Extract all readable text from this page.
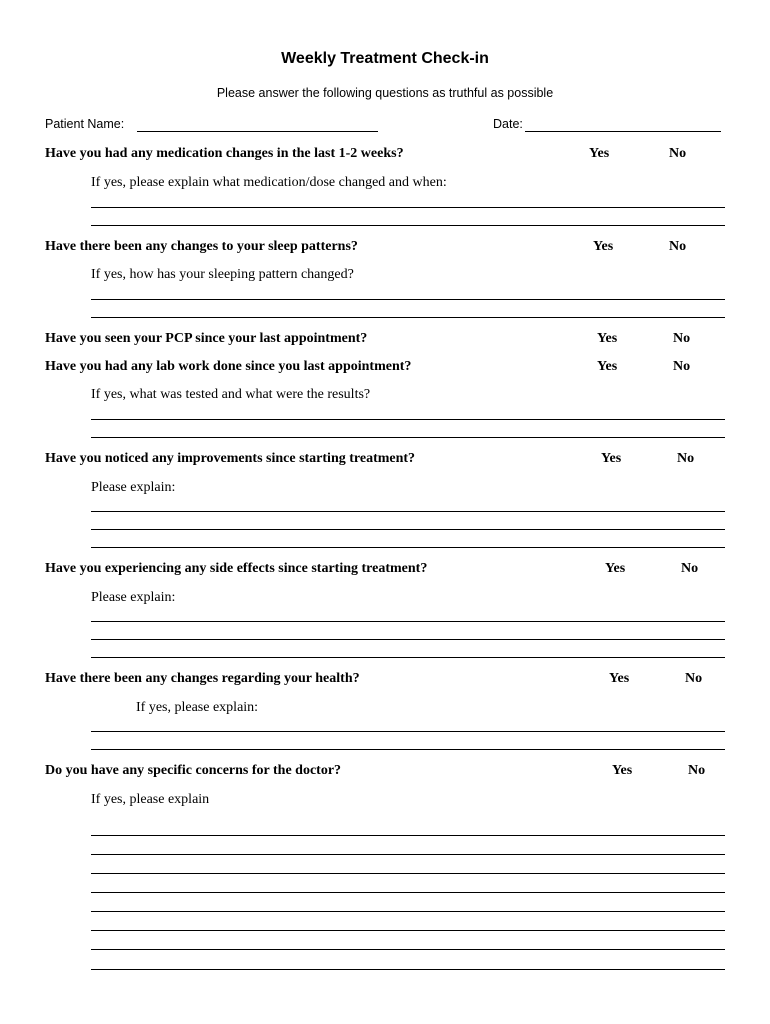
Weekly Treatment Check-in
Please answer the following questions as truthful as possible
Patient Name:	Date:
Have you had any medication changes in the last 1-2 weeks?	Yes	No
If yes, please explain what medication/dose changed and when:
Have there been any changes to your sleep patterns?	Yes	No
If yes, how has your sleeping pattern changed?
Have you seen your PCP since your last appointment?	Yes	No
Have you had any lab work done since you last appointment?	Yes	No
If yes, what was tested and what were the results?
Have you noticed any improvements since starting treatment?	Yes	No
Please explain:
Have you experiencing any side effects since starting treatment?	Yes	No
Please explain:
Have there been any changes regarding your health?	Yes	No
If yes, please explain:
Do you have any specific concerns for the doctor?	Yes	No
If yes, please explain
